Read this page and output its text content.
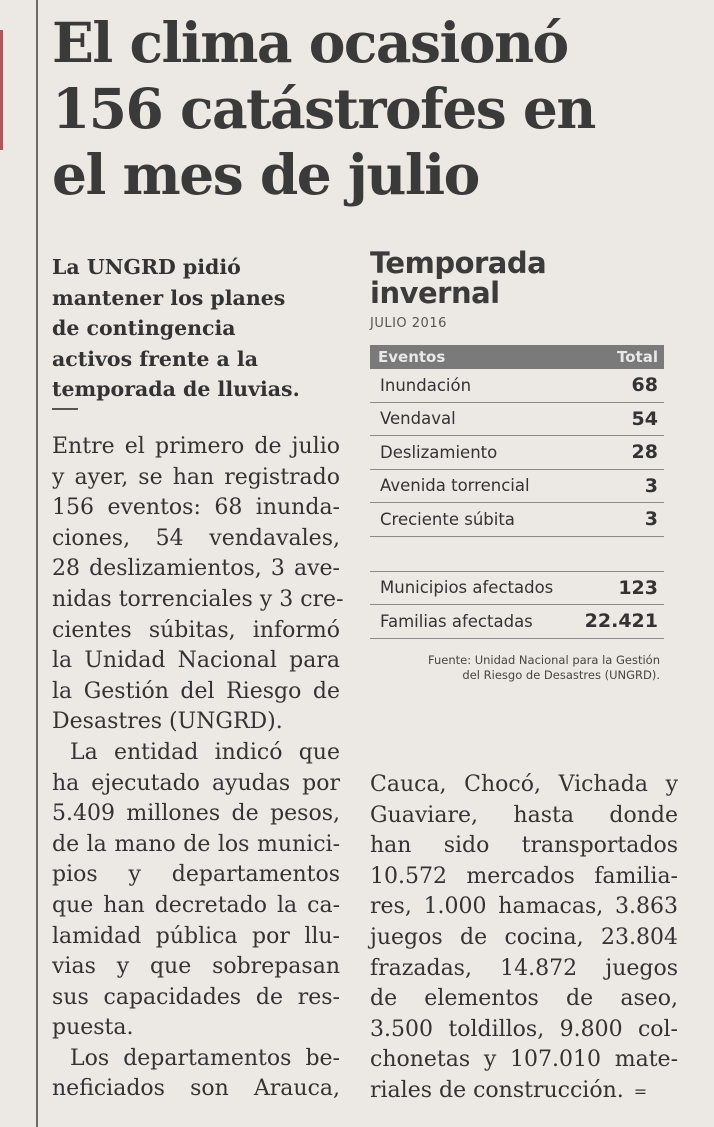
El clima ocasionó
156 catástrofes en
el mes de julio
La UNGRD pidió
mantener los planes
de contingencia
activos frente a la
temporada de lluvias.
Entre el primero de julio
y ayer, se han registrado
156 eventos: 68 inunda-
ciones, 54 vendavales,
28 deslizamientos, 3 ave-
nidas torrenciales y 3 cre-
cientes súbitas, informó
la Unidad Nacional para
la Gestión del Riesgo de
Desastres (UNGRD).
La entidad indicó que
ha ejecutado ayudas por
5.409 millones de pesos,
de la mano de los munici-
pios y departamentos
que han decretado la ca-
lamidad pública por llu-
vias y que sobrepasan
sus capacidades de res-
puesta.
Los departamentos be-
neficiados son Arauca,
Temporada
invernal
JULIO 2016
Eventos	Total
Inundación	68
Vendaval	54
Deslizamiento	28
Avenida torrencial	3
Creciente súbita	3
Municipios afectados	123
Familias afectadas	22.421
Fuente: Unidad Nacional para la Gestión
del Riesgo de Desastres (UNGRD).
Cauca, Chocó, Vichada y
Guaviare, hasta donde
han sido transportados
10.572 mercados familia-
res, 1.000 hamacas, 3.863
juegos de cocina, 23.804
frazadas, 14.872 juegos
de elementos de aseo,
3.500 toldillos, 9.800 col-
chonetas y 107.010 mate-
riales de construcción. =
